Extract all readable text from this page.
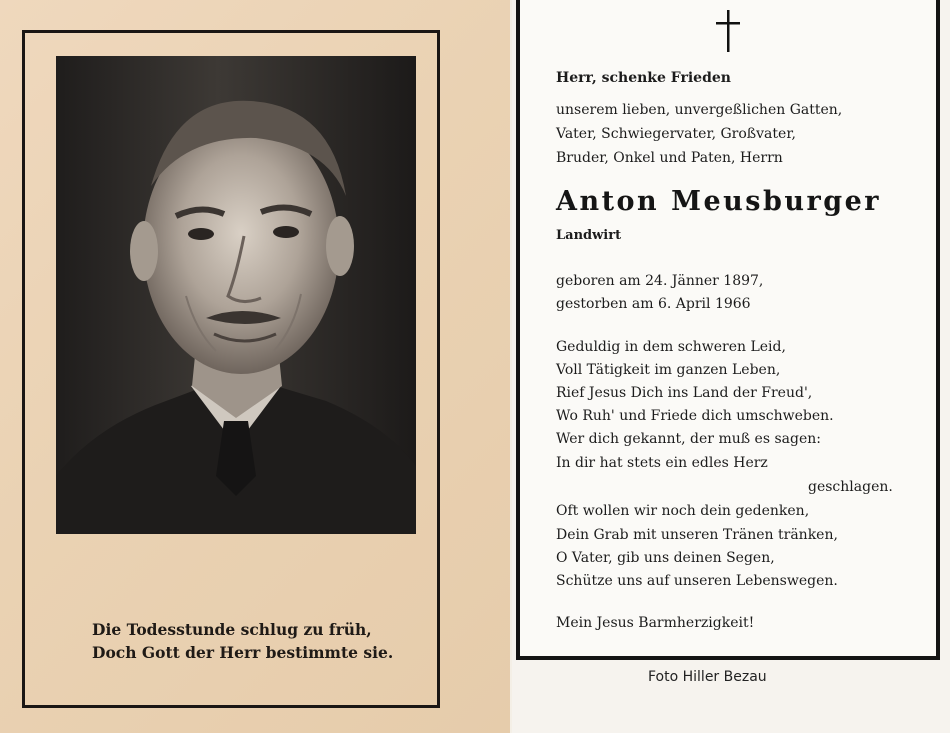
Die Todesstunde schlug zu früh,
Doch Gott der Herr bestimmte sie.
Herr, schenke Frieden
unserem lieben, unvergeßlichen Gatten,
Vater, Schwiegervater, Großvater,
Bruder, Onkel und Paten, Herrn
Anton Meusburger
Landwirt
geboren am 24. Jänner 1897,
gestorben am 6. April 1966
Geduldig in dem schweren Leid,
Voll Tätigkeit im ganzen Leben,
Rief Jesus Dich ins Land der Freud',
Wo Ruh' und Friede dich umschweben.
Wer dich gekannt, der muß es sagen:
In dir hat stets ein edles Herz
geschlagen.
Oft wollen wir noch dein gedenken,
Dein Grab mit unseren Tränen tränken,
O Vater, gib uns deinen Segen,
Schütze uns auf unseren Lebenswegen.
Mein Jesus Barmherzigkeit!
Foto Hiller Bezau
